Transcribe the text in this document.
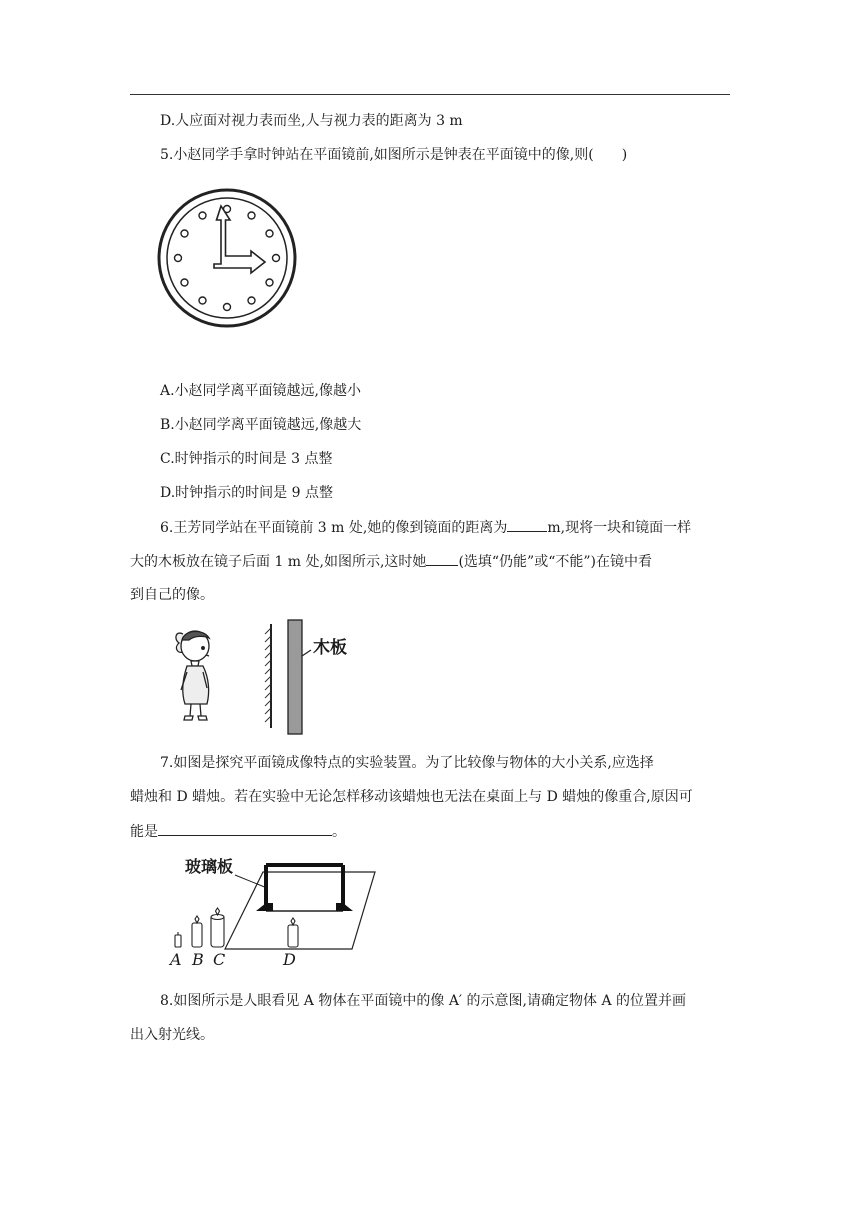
D.人应面对视力表而坐,人与视力表的距离为 3 m
5.小赵同学手拿时钟站在平面镜前,如图所示是钟表在平面镜中的像,则(　　)
A.小赵同学离平面镜越远,像越小
B.小赵同学离平面镜越远,像越大
C.时钟指示的时间是 3 点整
D.时钟指示的时间是 9 点整
6.王芳同学站在平面镜前 3 m 处,她的像到镜面的距离为	m,现将一块和镜面一样
大的木板放在镜子后面 1 m 处,如图所示,这时她 (选填“仍能”或“不能”)在镜中看
到自己的像。
木板
7.如图是探究平面镜成像特点的实验装置。为了比较像与物体的大小关系,应选择
蜡烛和 D 蜡烛。若在实验中无论怎样移动该蜡烛也无法在桌面上与 D 蜡烛的像重合,原因可
能是	。
玻璃板
A B C	D
8.如图所示是人眼看见 A 物体在平面镜中的像 A′ 的示意图,请确定物体 A 的位置并画
出入射光线。
